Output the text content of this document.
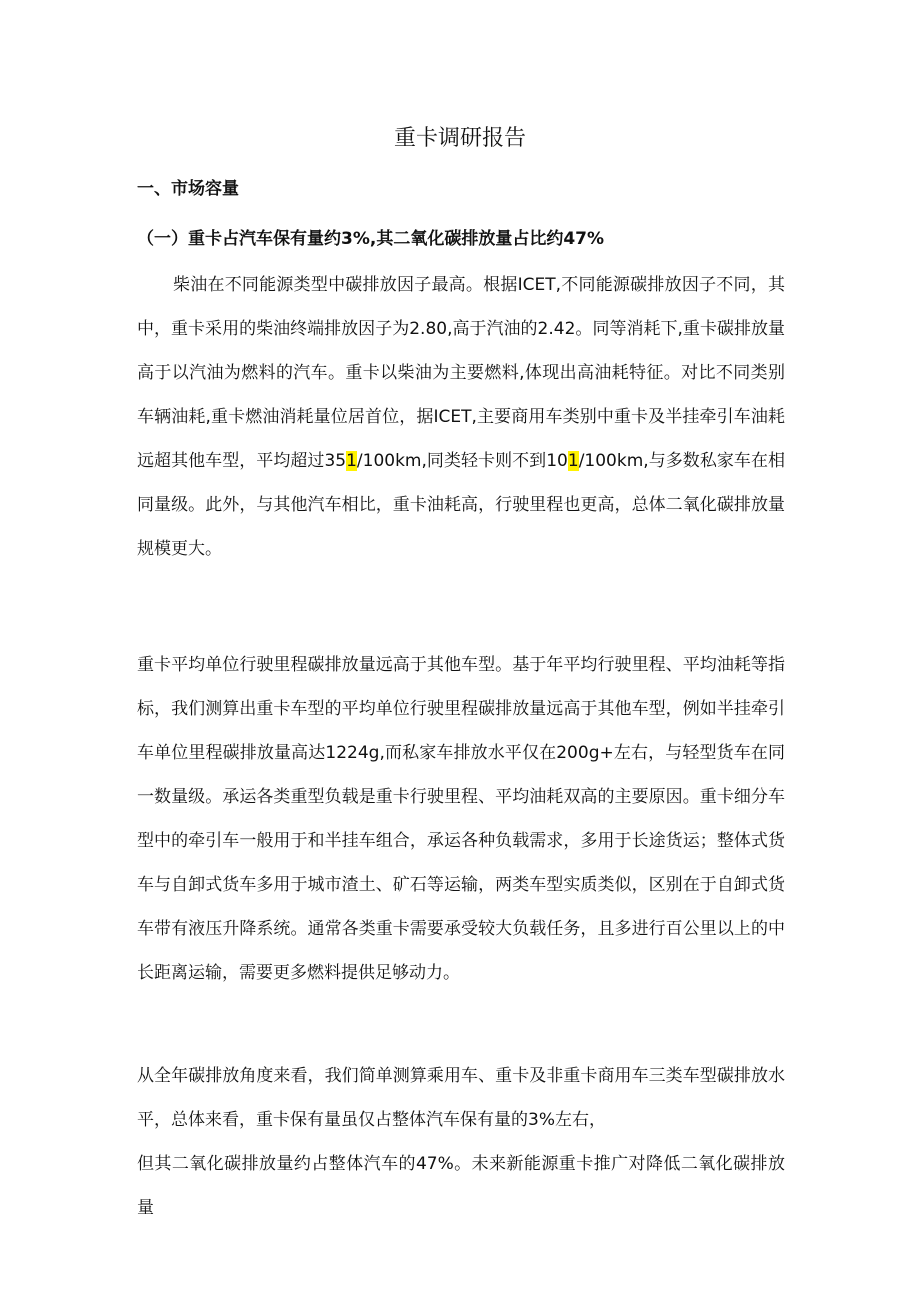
重卡调研报告
一、市场容量
（一）重卡占汽车保有量约3%,其二氧化碳排放量占比约47%

柴油在不同能源类型中碳排放因子最高。根据ICET,不同能源碳排放因子不同，其中，重卡采用的柴油终端排放因子为2.80,高于汽油的2.42。同等消耗下,重卡碳排放量高于以汽油为燃料的汽车。重卡以柴油为主要燃料,体现出高油耗特征。对比不同类别车辆油耗,重卡燃油消耗量位居首位，据ICET,主要商用车类别中重卡及半挂牵引车油耗远超其他车型，平均超过351/100km,同类轻卡则不到101/100km,与多数私家车在相同量级。此外，与其他汽车相比，重卡油耗高，行驶里程也更高，总体二氧化碳排放量规模更大。

重卡平均单位行驶里程碳排放量远高于其他车型。基于年平均行驶里程、平均油耗等指标，我们测算出重卡车型的平均单位行驶里程碳排放量远高于其他车型，例如半挂牵引车单位里程碳排放量高达1224g,而私家车排放水平仅在200g+左右，与轻型货车在同一数量级。承运各类重型负载是重卡行驶里程、平均油耗双高的主要原因。重卡细分车型中的牵引车一般用于和半挂车组合，承运各种负载需求，多用于长途货运；整体式货车与自卸式货车多用于城市渣土、矿石等运输，两类车型实质类似，区别在于自卸式货车带有液压升降系统。通常各类重卡需要承受较大负载任务，且多进行百公里以上的中长距离运输，需要更多燃料提供足够动力。

从全年碳排放角度来看，我们简单测算乘用车、重卡及非重卡商用车三类车型碳排放水平，总体来看，重卡保有量虽仅占整体汽车保有量的3%左右，

但其二氧化碳排放量约占整体汽车的47%。未来新能源重卡推广对降低二氧化碳排放量
